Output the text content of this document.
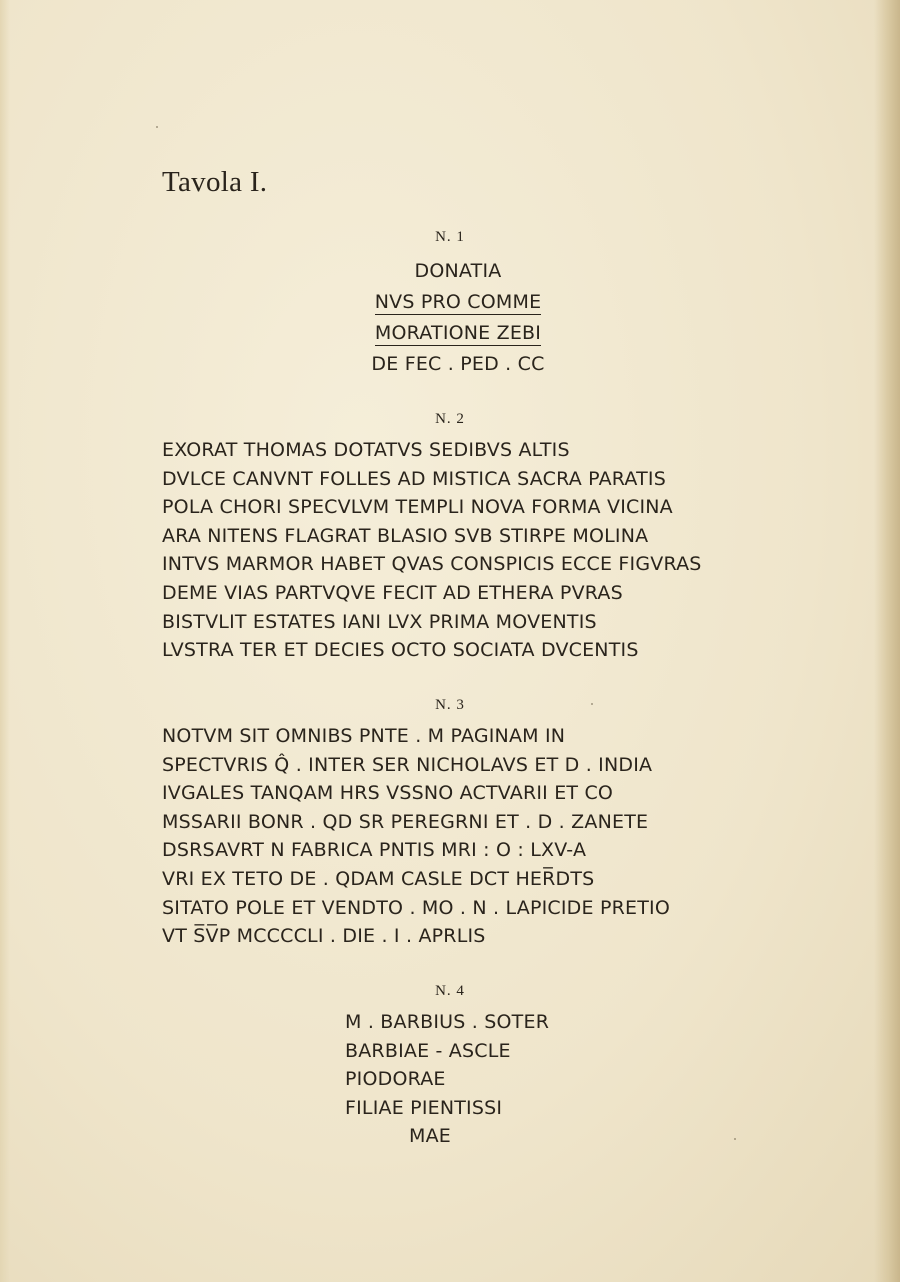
Tavola I.
N. 1
DONATIA
NVS PRO COMME
MORATIONE ZEBI
DE FEC . PED . CC
N. 2
EXORAT THOMAS DOTATVS SEDIBVS ALTIS
DVLCE CANVNT FOLLES AD MISTICA SACRA PARATIS
POLA CHORI SPECVLVM TEMPLI NOVA FORMA VICINA
ARA NITENS FLAGRAT BLASIO SVB STIRPE MOLINA
INTVS MARMOR HABET QVAS CONSPICIS ECCE FIGVRAS
DEME VIAS PARTVQVE FECIT AD ETHERA PVRAS
BISTVLIT ESTATES IANI LVX PRIMA MOVENTIS
LVSTRA TER ET DECIES OCTO SOCIATA DVCENTIS
N. 3
NOTVM SIT OMNIBS PNTE . M PAGINAM IN
SPECTVRIS Q̂ . INTER SER NICHOLAVS ET D . INDIA
IVGALES TANQAM HRS VSSNO ACTVARII ET CO
MSSARII BONR . QD SR PEREGRNI ET . D . ZANETE
DSRSAVRT N FABRICA PNTIS MRI : O : LXV-A
VRI EX TETO DE . QDAM CASLE DCT HER̅DTS
SITATO POLE ET VENDTO . MO . N . LAPICIDE PRETIO
VT S̅V̅P MCCCCLI . DIE . I . APRLIS
N. 4
M . BARBIUS . SOTER
BARBIAE - ASCLE
PIODORAE
FILIAE PIENTISSI
MAE
